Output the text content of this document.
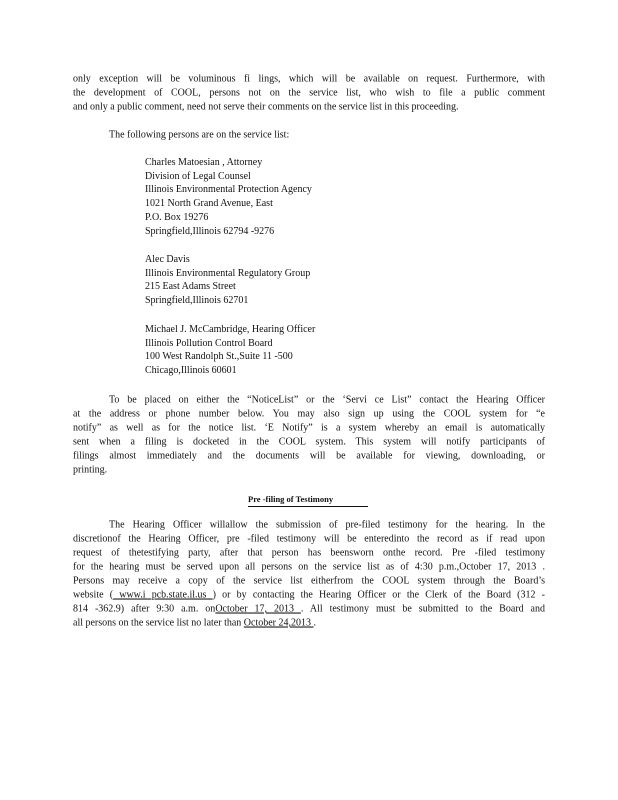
only exception will be voluminous fi lings, which will be available on request. Furthermore, with
the development of COOL, persons not on the service list, who wish to file a public comment
and only a public comment, need not serve their comments on the service list in this proceeding.
The following persons are on the service list:
Charles Matoesian , Attorney
Division of Legal Counsel
Illinois Environmental Protection Agency
1021 North Grand Avenue, East
P.O. Box 19276
Springfield,Illinois 62794 -9276
Alec Davis
Illinois Environmental Regulatory Group
215 East Adams Street
Springfield,Illinois 62701
Michael J. McCambridge, Hearing Officer
Illinois Pollution Control Board
100 West Randolph St.,Suite 11 -500
Chicago,Illinois 60601
To be placed on either the “NoticeList” or the ‘Servi ce List” contact the Hearing Officer
at the address or phone number below. You may also sign up using the COOL system for “e
notify” as well as for the notice list. ‘E Notify” is a system whereby an email is automatically
sent when a filing is docketed in the COOL system. This system will notify participants of
filings almost immediately and the documents will be available for viewing, downloading, or
printing.
Pre -filing of Testimony
The Hearing Officer willallow the submission of pre-filed testimony for the hearing. In the
discretionof the Hearing Officer, pre -filed testimony will be enteredinto the record as if read upon
request of thetestifying party, after that person has beensworn onthe record. Pre -filed testimony
for the hearing must be served upon all persons on the service list as of 4:30 p.m.,October 17, 2013 .
Persons may receive a copy of the service list eitherfrom the COOL system through the Board’s
website ( www.i pcb.state.il.us ) or by contacting the Hearing Officer or the Clerk of the Board (312 -
814 -362.9) after 9:30 a.m. onOctober 17, 2013 . All testimony must be submitted to the Board and
all persons on the service list no later than October 24,2013 .
